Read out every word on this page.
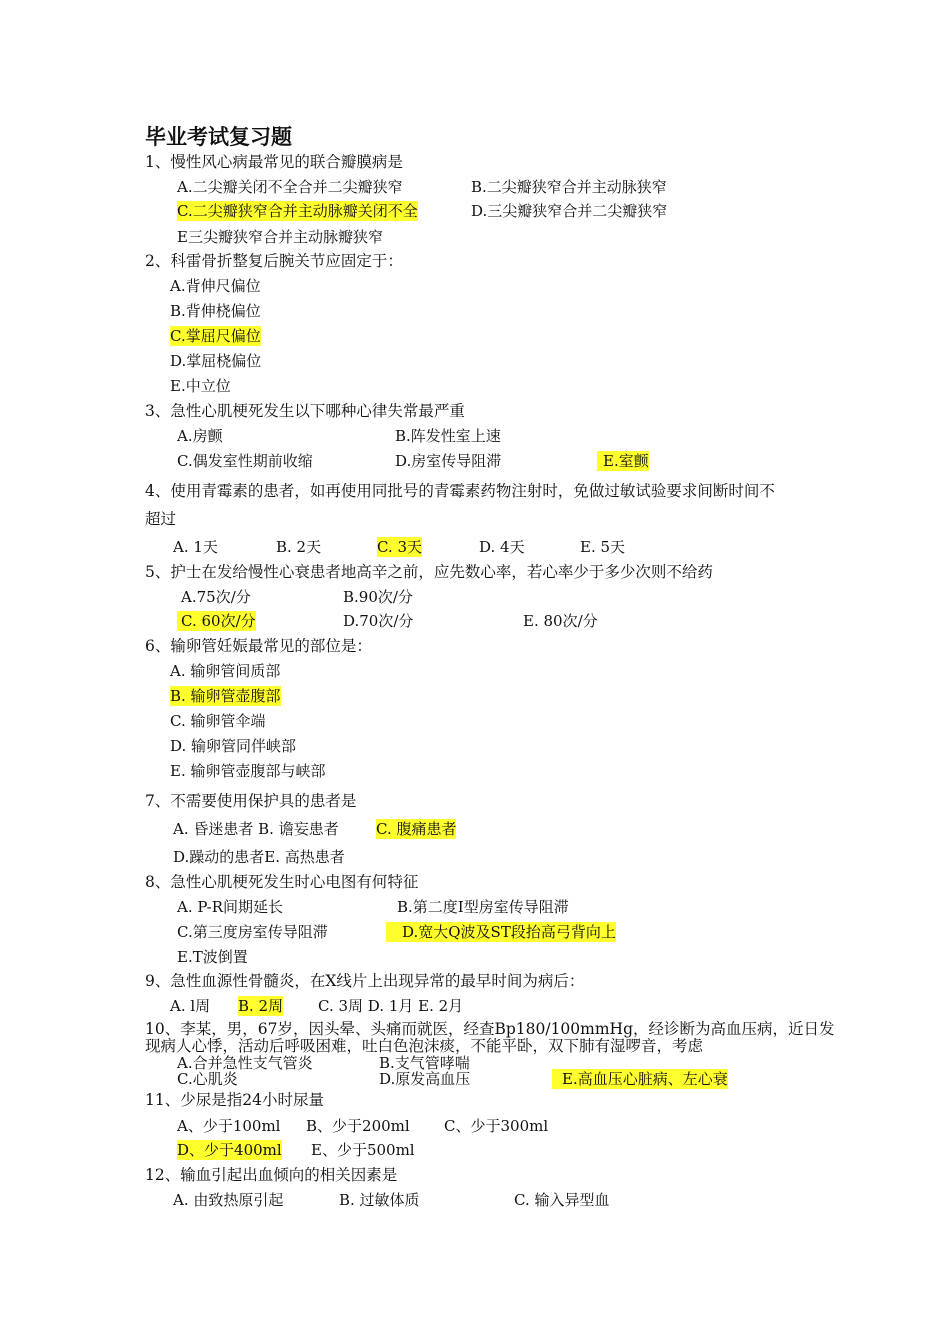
毕业考试复习题
1、慢性风心病最常见的联合瓣膜病是
A.二尖瓣关闭不全合并二尖瓣狭窄	B.二尖瓣狭窄合并主动脉狭窄
C.二尖瓣狭窄合并主动脉瓣关闭不全	D.三尖瓣狭窄合并二尖瓣狭窄
E三尖瓣狭窄合并主动脉瓣狭窄
2、科雷骨折整复后腕关节应固定于：
A.背伸尺偏位
B.背伸桡偏位
C.掌屈尺偏位
D.掌屈桡偏位
E.中立位
3、急性心肌梗死发生以下哪种心律失常最严重
A.房颤	B.阵发性室上速
C.偶发室性期前收缩	D.房室传导阻滞	E.室颤
4、使用青霉素的患者，如再使用同批号的青霉素药物注射时，免做过敏试验要求间断时间不
超过
A. 1天	B. 2天	C. 3天	D. 4天	E. 5天
5、护士在发给慢性心衰患者地高辛之前，应先数心率，若心率少于多少次则不给药
A.75次/分	B.90次/分
C. 60次/分	D.70次/分	E. 80次/分
6、输卵管妊娠最常见的部位是：
A. 输卵管间质部
B. 输卵管壶腹部
C. 输卵管伞端
D. 输卵管同伴峡部
E. 输卵管壶腹部与峡部
7、不需要使用保护具的患者是
A. 昏迷患者 B. 谵妄患者 C. 腹痛患者
D.躁动的患者E. 高热患者
8、急性心肌梗死发生时心电图有何特征
A. P-R间期延长	B.第二度I型房室传导阻滞
C.第三度房室传导阻滞	D.宽大Q波及ST段抬高弓背向上
E.T波倒置
9、急性血源性骨髓炎，在X线片上出现异常的最早时间为病后：
A. l周 B. 2周 C. 3周 D. 1月 E. 2月
10、李某，男，67岁，因头晕、头痛而就医，经查Bp180/100mmHg，经诊断为高血压病，近日发
现病人心悸，活动后呼吸困难，吐白色泡沫痰，不能平卧，双下肺有湿啰音，考虑
A.合并急性支气管炎	B.支气管哮喘
C.心肌炎	D.原发高血压	E.高血压心脏病、左心衰
11、少尿是指24小时尿量
A、少于100ml B、少于200ml C、少于300ml
D、少于400ml E、少于500ml
12、输血引起出血倾向的相关因素是
A. 由致热原引起	B. 过敏体质	C. 输入异型血
